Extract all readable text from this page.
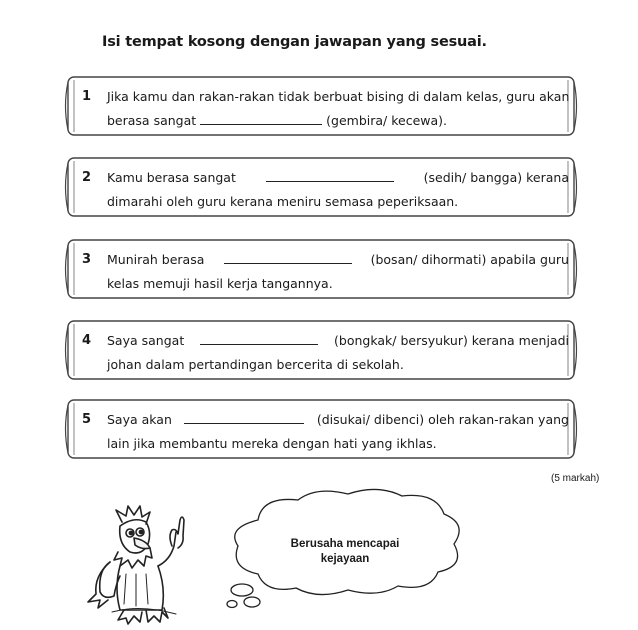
Isi tempat kosong dengan jawapan yang sesuai.
1 Jika kamu dan rakan-rakan tidak berbuat bising di dalam kelas, guru akan
berasa sangat	(gembira/ kecewa).
2 Kamu berasa sangat	(sedih/ bangga) kerana
dimarahi oleh guru kerana meniru semasa peperiksaan.
3 Munirah berasa	(bosan/ dihormati) apabila guru
kelas memuji hasil kerja tangannya.
4 Saya sangat	(bongkak/ bersyukur) kerana menjadi
johan dalam pertandingan bercerita di sekolah.
5 Saya akan	(disukai/ dibenci) oleh rakan-rakan yang
lain jika membantu mereka dengan hati yang ikhlas.
(5 markah)
Berusaha mencapai kejayaan
